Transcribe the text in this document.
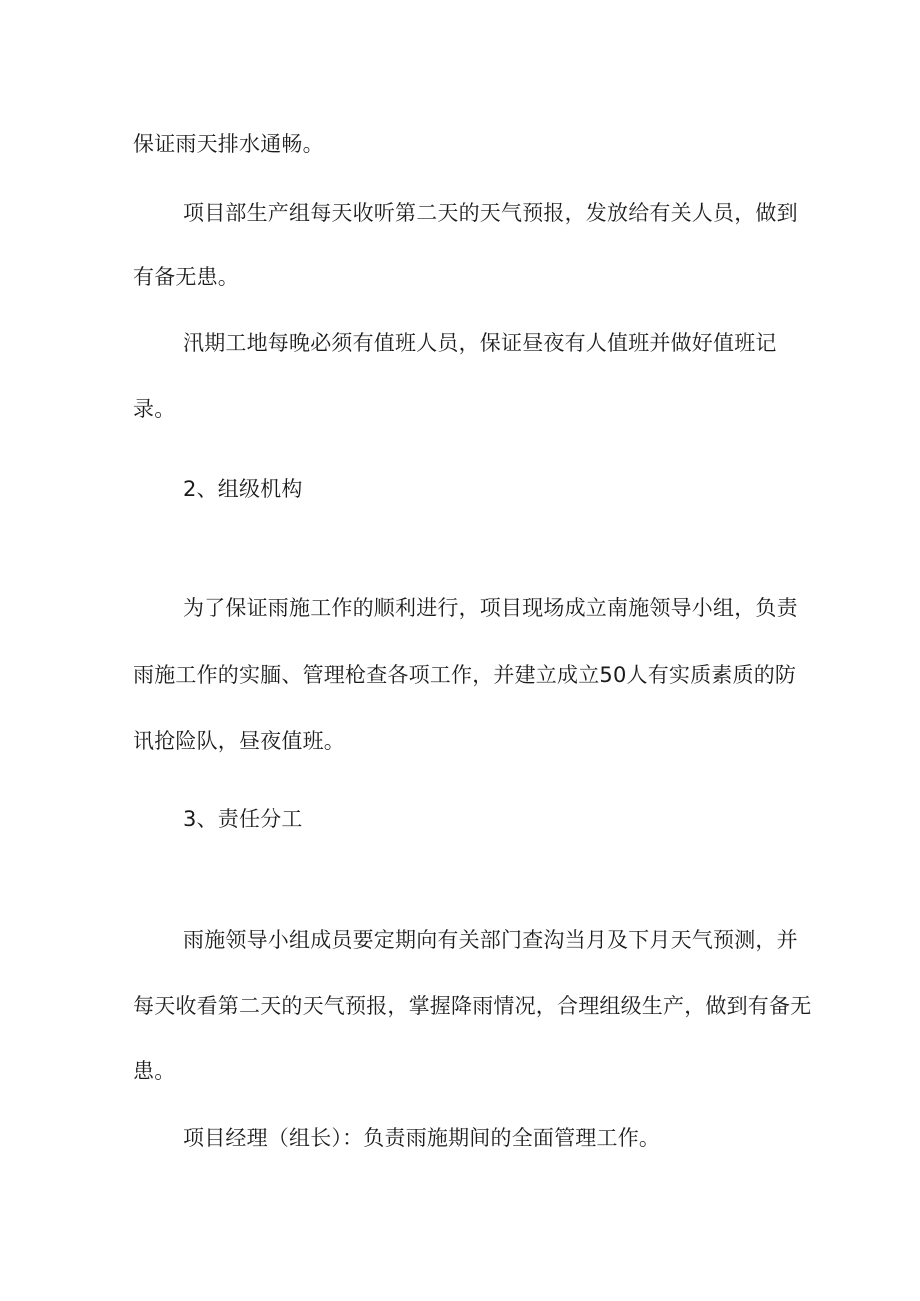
保证雨天排水通畅。
项目部生产组每天收听第二天的天气预报，发放给有关人员，做到
有备无患。
汛期工地每晚必须有值班人员，保证昼夜有人值班并做好值班记
录。
2、组级机构
为了保证雨施工作的顺利进行，项目现场成立南施领导小组，负责
雨施工作的实腼、管理枪查各项工作，并建立成立50人有实质素质的防
讯抢险队，昼夜值班。
3、责任分工
雨施领导小组成员要定期向有关部门查沟当月及下月天气预测，并
每天收看第二天的天气预报，掌握降雨情况，合理组级生产，做到有备无
患。
项目经理（组长）：负责雨施期间的全面管理工作。
